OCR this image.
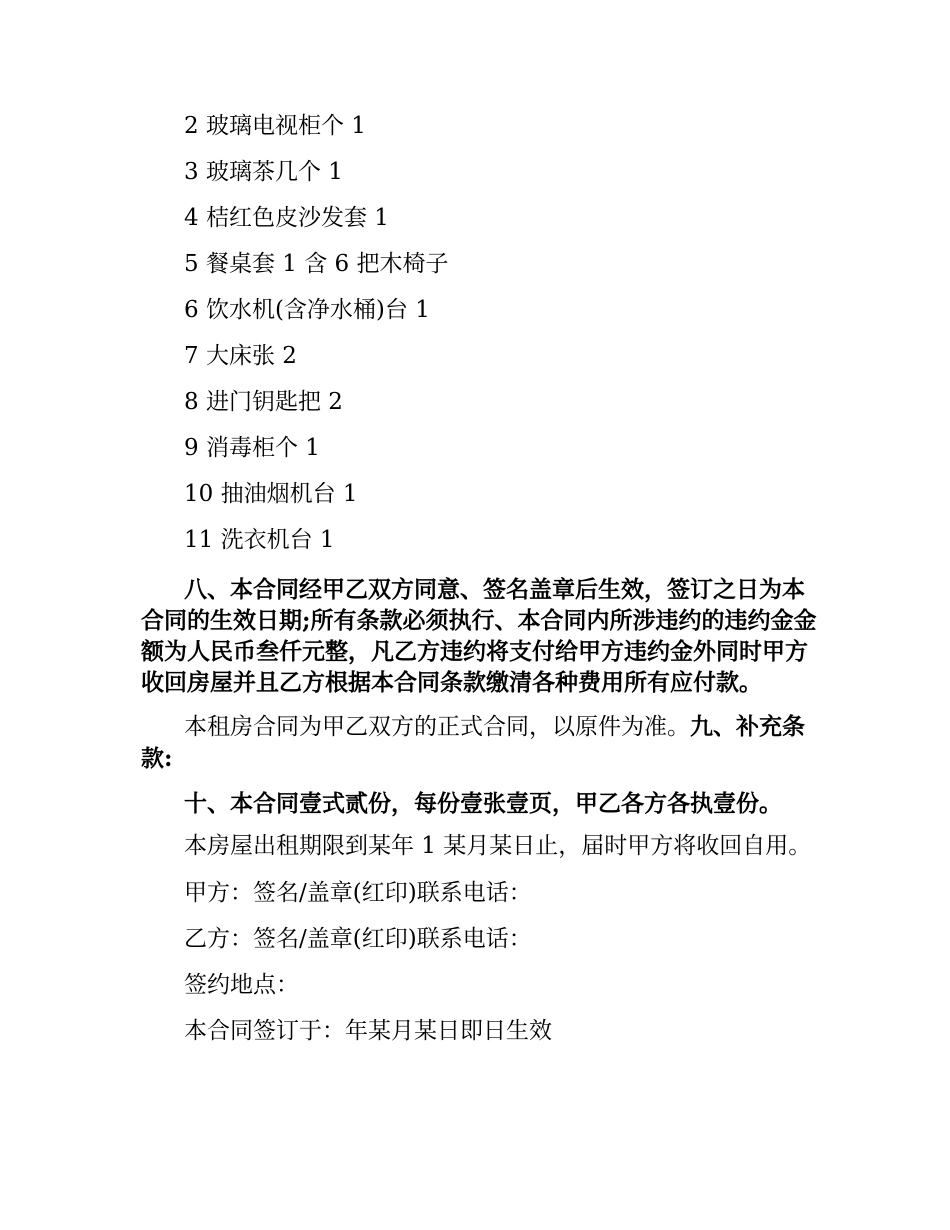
2 玻璃电视柜个 1

3 玻璃茶几个 1

4 桔红色皮沙发套 1

5 餐桌套 1 含 6 把木椅子

6 饮水机(含净水桶)台 1

7 大床张 2

8 进门钥匙把 2

9 消毒柜个 1

10 抽油烟机台 1

11 洗衣机台 1

八、本合同经甲乙双方同意、签名盖章后生效，签订之日为本合同的生效日期;所有条款必须执行、本合同内所涉违约的违约金金额为人民币叁仟元整，凡乙方违约将支付给甲方违约金外同时甲方收回房屋并且乙方根据本合同条款缴清各种费用所有应付款。

本租房合同为甲乙双方的正式合同，以原件为准。九、补充条款:

十、本合同壹式贰份，每份壹张壹页，甲乙各方各执壹份。

本房屋出租期限到某年 1 某月某日止，届时甲方将收回自用。

甲方：签名/盖章(红印)联系电话：

乙方：签名/盖章(红印)联系电话：

签约地点：

本合同签订于：年某月某日即日生效
